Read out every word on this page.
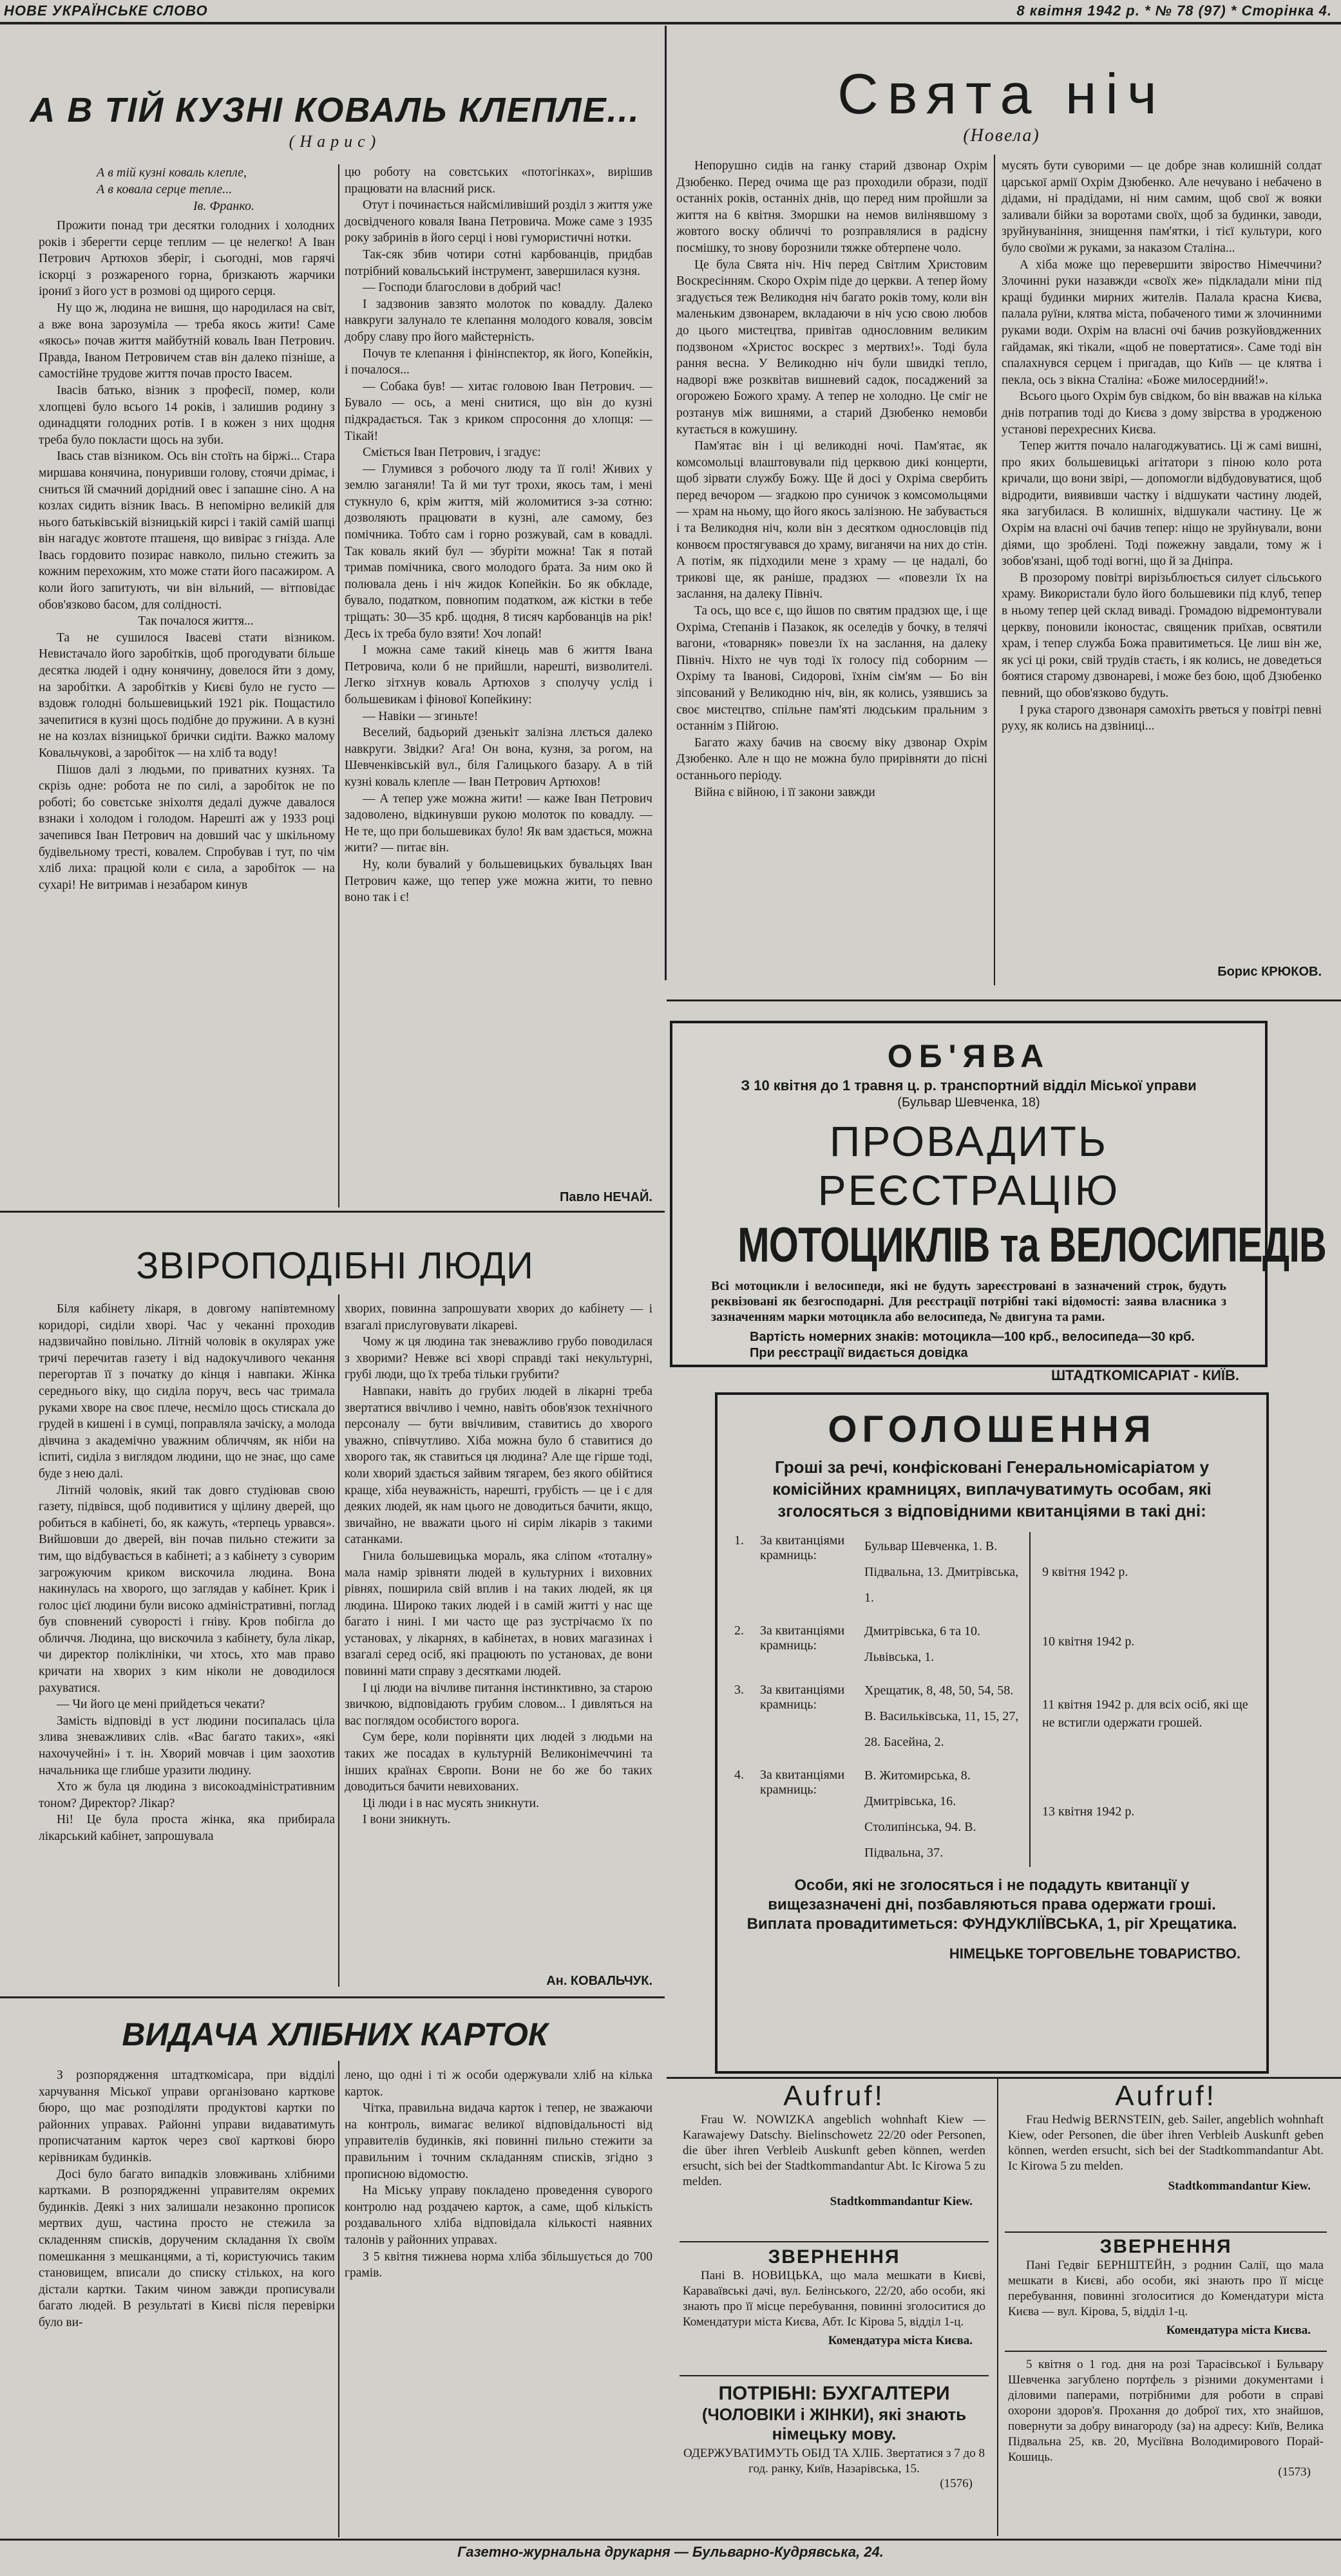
НОВЕ УКРАЇНСЬКЕ СЛОВО	8 квітня 1942 р. * № 78 (97) * Сторінка 4.
А В ТІЙ КУЗНІ КОВАЛЬ КЛЕПЛЕ...
(Нарис)
А в тій кузні коваль клепле,
А в ковала серце тепле...
Ів. Франко.

Прожити понад три десятки голодних і холодних років і зберегти серце теплим — це нелегко! А Іван Петрович Артюхов зберіг, і сьогодні, мов гарячі іскорці з розжареного горна, бризкають жарчики ірониї з його уст в розмові од щирого серця.

Ну що ж, людина не вишня, що народилася на світ, а вже вона зарозуміла — треба якось жити! Саме «якось» почав життя майбутній коваль Іван Петрович. Правда, Іваном Петровичем став він далеко пізніше, а самостійне трудове життя почав просто Івасем.

Івасів батько, візник з професії, помер, коли хлопцеві було всього 14 років, і залишив родину з одинадцяти голодних ротів. І в кожен з них щодня треба було покласти щось на зуби.

Івась став візником. Ось він стоїть на біржі... Стара миршава конячина, понуривши голову, стоячи дрімає, і сниться їй смачний дорідний овес і запашне сіно. А на козлах сидить візник Івась. В непомірно великій для нього батьківській візницькій кирсі і такій самій шапці він нагадує жовтоте пташеня, що вивірає з гнізда. Але Івась гордовито позирає навколо, пильно стежить за кожним перехожим, хто може стати його пасажиром. А коли його запитують, чи він вільний, — вітповідає обов'язково басом, для солідності.

Так почалося життя...

Та не сушилося Івасеві стати візником. Невистачало його заробітків, щоб прогодувати більше десятка людей і одну конячину, довелося йти з дому, на заробітки. А заробітків у Києві було не густо — вздовж голодні большевицький 1921 рік. Пощастило зачепитися в кузні щось подібне до пружини. А в кузні не на козлах візницької брички сидіти. Важко малому Ковальчукові, а заробіток — на хліб та воду!

Пішов далі з людьми, по приватних кузнях. Та скрізь одне: робота не по силі, а заробіток не по роботі; бо совєтське зніхолтя дедалі дужче давалося взнаки і холодом і голодом. Нарешті аж у 1933 році зачепився Іван Петрович на довший час у шкільному будівельному тресті, ковалем. Спробував і тут, по чім хліб лиха: працюй коли є сила, а заробіток — на сухарі! Не витримав і незабаром кинув

цю роботу на совєтських «потогінках», вирішив працювати на власний риск.

Отут і починається найсміливіший розділ з життя уже досвідченого коваля Івана Петровича. Може саме з 1935 року забринів в його серці і нові гумористичні нотки.

Так-сяк збив чотири сотні карбованців, придбав потрібний ковальський інструмент, завершилася кузня.

— Господи благослови в добрий час!

І задзвонив завзято молоток по ковадлу. Далеко навкруги залунало те клепання молодого коваля, зовсім добру славу про його майстерність.

Почув те клепання і фінінспектор, як його, Копейкін, і почалося...

— Собака був! — хитає головою Іван Петрович. — Бувало — ось, а мені снитися, що він до кузні підкрадається. Так з криком спросоння до хлопця: — Тікай!

Сміється Іван Петрович, і згадує:

— Глумився з робочого люду та її голі! Живих у землю заганяли! Та й ми тут трохи, якось там, і мені стукнуло 6, крім життя, мій жоломитися з-за сотню: дозволяють працювати в кузні, але самому, без помічника. Тобто сам і горно розжувай, сам в ковадлі. Так коваль який бул — збуріти можна! Так я потай тримав помічника, свого молодого брата. За ним око й полювала день і ніч жидок Копейкін. Бо як обкладе, бувало, податком, повнопим податком, аж кістки в тебе тріщать: 30—35 крб. щодня, 8 тисяч карбованців на рік! Десь іх треба було взяти! Хоч лопай!

І можна саме такий кінець мав 6 життя Івана Петровича, коли б не прийшли, нарешті, визволителі. Легко зітхнув коваль Артюхов з сполучу услід і большевикам і фінової Копейкину:

— Навіки — згиньте!

Веселий, бадьорий дзенькіт залізна ллється далеко навкруги. Звідки? Ага! Он вона, кузня, за рогом, на Шевченківській вул., біля Галицького базару. А в тій кузні коваль клепле — Іван Петрович Артюхов!

— А тепер уже можна жити! — каже Іван Петрович задоволено, відкинувши рукою молоток по ковадлу. — Не те, що при большевиках було! Як вам здається, можна жити? — питає він.

Ну, коли бувалий у большевицьких бувальцях Іван Петрович каже, що тепер уже можна жити, то певно воно так і є!

Павло НЕЧАЙ.
Свята ніч
(Новела)

Непорушно сидів на ганку старий дзвонар Охрім Дзюбенко. Перед очима ще раз проходили образи, події останніх років, останніх днів, що перед ним пройшли за життя на 6 квітня. Зморшки на немов вилінявшому з жовтого воску обличчі то розправлялися в радісну посмішку, то знову борознили тяжке обтерпене чоло.

Це була Свята ніч. Ніч перед Світлим Христовим Воскресінням. Скоро Охрім піде до церкви. А тепер йому згадується теж Великодня ніч багато років тому, коли він маленьким дзвонарем, вкладаючи в ніч усю свою любов до цього мистецтва, привітав однословним великим подзвоном «Христос воскрес з мертвих!». Тоді була рання весна. У Великодню ніч були швидкі тепло, надворі вже розквітав вишневий садок, посаджений за огорожею Божого храму. А тепер не холодно. Це сміг не розтанув між вишнями, а старий Дзюбенко немовби кутається в кожушину.

Пам'ятає він і ці великодні ночі. Пам'ятає, як комсомольці влаштовували під церквою дикі концерти, щоб зірвати службу Божу. Ще й досі у Охріма свербить перед вечором — згадкою про суничок з комсомольцями — храм на ньому, що його якось залізною. Не забувається і та Великодня ніч, коли він з десятком однословців під конвоєм простягувався до храму, виганячи на них до стін. А потім, як підходили мене з храму — це надалі, бо трикові ще, як раніше, прадзюх — «повезли їх на заслання, на далеку Північ.

Та ось, що все є, що йшов по святим прадзюх ще, і ще Охріма, Степанів і Пазакок, як оселедів у бочку, в телячі вагони, «товарняк» повезли їх на заслання, на далеку Північ. Ніхто не чув тоді їх голосу під соборним — Охріму та Іванові, Сидорові, їхнім сім'ям — Бо він зіпсований у Великодню ніч, він, як колись, узявшись за своє мистецтво, спільне пам'яті людським пральним з останнім з Пійгою.

Багато жаху бачив на своєму віку дзвонар Охрім Дзюбенко. Але н що не можна було прирівняти до пісні останнього періоду.

Війна є війною, і її закони завжди

мусять бути суворими — це добре знав колишній солдат царської армії Охрім Дзюбенко. Але нечувано і небачено в дідами, ні прадідами, ні ним самим, щоб свої ж вояки заливали бійки за воротами своїх, щоб за будинки, заводи, зруйнуваніння, знищення пам'ятки, і тієї культури, кого було своїми ж руками, за наказом Сталіна...

А хіба може що перевершити звіроство Німеччини? Злочинні руки назавжди «своїх же» підкладали міни під кращі будинки мирних жителів. Палала красна Києва, палала руїни, клятва міста, побаченого тими ж злочинними руками води. Охрім на власні очі бачив розкуйовдженних гайдамак, які тікали, «щоб не повертатися». Саме тоді він спалахнувся серцем і пригадав, що Київ — це клятва і пекла, ось з вікна Сталіна: «Боже милосердний!».

Всього цього Охрім був свідком, бо він вважав на кілька днів потрапив тоді до Києва з дому звірства в уродженою установі перехресних Києва.

Тепер життя почало налагоджуватись. Ці ж самі вишні, про яких большевицькі агітатори з піною коло рота кричали, що вони звірі, — допомогли відбудовуватися, щоб відродити, виявивши частку і відшукати частину людей, яка загубилася. В колишніх, відшукали частину. Це ж Охрім на власні очі бачив тепер: ніщо не зруйнували, вони діями, що зроблені. Тоді пожежну завдали, тому ж і зобов'язані, щоб тоді вогні, що й за Дніпра.

В прозорому повітрі вирізьблюється силует сільського храму. Використали було його большевики під клуб, тепер в ньому тепер цей склад виваді. Громадою відремонтували церкву, поновили іконостас, священик приїхав, освятили храм, і тепер служба Божа правитиметься. Це лиш він же, як усі ці роки, свій трудів стаєть, і як колись, не доведеться боятися старому дзвонареві, і може без бою, щоб Дзюбенко певний, що обов'язково будуть.

І рука старого дзвонаря самохіть рветься у повітрі певні руху, як колись на дзвіниці...

Борис КРЮКОВ.
ЗВІРОПОДІБНІ ЛЮДИ

Біля кабінету лікаря, в довгому напівтемному коридорі, сиділи хворі. Час у чеканні проходив надзвичайно повільно. Літній чоловік в окулярах уже тричі перечитав газету і від надокучливого чекання перегортав її з початку до кінця і навпаки. Жінка середнього віку, що сиділа поруч, весь час тримала руками хворе на своє плече, несміло щось стискала до грудей в кишені і в сумці, поправляла зачіску, а молода дівчина з академічно уважним обличчям, як ніби на іспиті, сиділа з виглядом людини, що не знає, що саме буде з нею далі.

Літній чоловік, який так довго студіював свою газету, підвівся, щоб подивитися у щілину дверей, що робиться в кабінеті, бо, як кажуть, «терпець урвався». Вийшовши до дверей, він почав пильно стежити за тим, що відбувається в кабінеті; а з кабінету з суворим загрожуючим криком вискочила людина. Вона накинулась на хворого, що заглядав у кабінет. Крик і голос цієї людини були високо адміністративні, поглад був сповнений суворості і гніву. Кров побігла до обличчя. Людина, що вискочила з кабінету, була лікар, чи директор поліклініки, чи хтось, хто мав право кричати на хворих з ким ніколи не доводилося рахуватися.

— Чи його це мені прийдеться чекати?

Замість відповіді в уст людини посипалась ціла злива зневажливих слів. «Вас багато таких», «які нахочучейні» і т. ін. Хворий мовчав і цим заохотив начальника ще глибше уразити людину.

Хто ж була ця людина з високоадміністративним тоном? Директор? Лікар?

Ні! Це була проста жінка, яка прибирала лікарський кабінет, запрошувала

хворих, повинна запрошувати хворих до кабінету — і взагалі прислуговувати лікареві.

Чому ж ця людина так зневажливо грубо поводилася з хворими? Невже всі хворі справді такі некультурні, грубі люди, що їх треба тільки грубити?

Навпаки, навіть до грубих людей в лікарні треба звертатися ввічливо і чемно, навіть обов'язок технічного персоналу — бути ввічливим, ставитись до хворого уважно, співчутливо. Хіба можна було б ставитися до хворого так, як ставиться ця людина? Але ще гірше тоді, коли хворий здається зайвим тягарем, без якого обійтися краще, хіба неуважність, нарешті, грубість — це і є для деяких людей, як нам цього не доводиться бачити, якщо, звичайно, не вважати цього ні сирім лікарів з такими сатанками.

Гнила большевицька мораль, яка сліпом «тоталну» мала намір зрівняти людей в культурних і виховних рівнях, поширила свій вплив і на таких людей, як ця людина. Широко таких людей і в самій житті у нас ще багато і нині. І ми часто ще раз зустрічаємо їх по установах, у лікарнях, в кабінетах, в нових магазинах і взагалі серед осіб, які працюють по установах, де вони повинні мати справу з десятками людей.

І ці люди на вічливе питання інстинктивно, за старою звичкою, відповідають грубим словом... І дивляться на вас поглядом особистого ворога.

Сум бере, коли порівняти цих людей з людьми на таких же посадах в культурній Великонімеччині та інших країнах Європи. Вони не бо же бо таких доводиться бачити невихованих.

Ці люди і в нас мусять зникнути.

І вони зникнуть.

Ан. КОВАЛЬЧУК.
ВИДАЧА ХЛІБНИХ КАРТОК

З розпорядження штадткомісара, при відділі харчування Міської управи організовано карткове бюро, що має розподіляти продуктові картки по районних управах. Районні управи видаватимуть прописчатаним карток через свої карткові бюро керівникам будинків.

Досі було багато випадків зловживань хлібними картками. В розпорядженні управителям окремих будинків. Деякі з них залишали незаконно прописок мертвих душ, частина просто не стежила за складенням списків, дорученим складання їх своїм помешкання з мешканцями, а ті, користуючись таким становищем, вписали до списку стількох, на кого дістали картки. Таким чином завжди прописували багато людей. В результаті в Києві після перевірки було ви-

лено, що одні і ті ж особи одержували хліб на кілька карток.

Чітка, правильна видача карток і тепер, не зважаючи на контроль, вимагає великої відповідальності від управителів будинків, які повинні пильно стежити за правильним і точним складанням списків, згідно з прописною відомостю.

На Міську управу покладено проведення суворого контролю над роздачею карток, а саме, щоб кількість роздавального хліба відповідала кількості наявних талонів у районних управах.

З 5 квітня тижнева норма хліба збільшується до 700 грамів.

ОБ'ЯВА
З 10 квітня до 1 травня ц. р. транспортний відділ Міської управи
(Бульвар Шевченка, 18)
ПРОВАДИТЬ РЕЄСТРАЦІЮ
МОТОЦИКЛІВ та ВЕЛОСИПЕДІВ
Всі мотоцикли і велосипеди, які не будуть зареєстровані в зазначений строк, будуть реквізовані як безгосподарні. Для реєстрації потрібні такі відомості: заява власника з зазначенням марки мотоцикла або велосипеда, № двигуна та рами.
Вартість номерних знаків: мотоцикла—100 крб., велосипеда—30 крб.
При реєстрації видається довідка
ШТАДТКОМІСАРІАТ - КИЇВ.
ОГОЛОШЕННЯ
Гроші за речі, конфісковані Генеральномісаріатом у комісійних крамницях, виплачуватимуть особам, які зголосяться з відповідними квитанціями в такі дні:
1.	За квитанціями крамниць:	Бульвар Шевченка, 1. В. Підвальна, 13. Дмитрівська, 1.	9 квітня 1942 р.
2.	За квитанціями крамниць:	Дмитрівська, 6 та 10. Львівська, 1.	10 квітня 1942 р.
3.	За квитанціями крамниць:	Хрещатик, 8, 48, 50, 54, 58. В. Васильківська, 11, 15, 27, 28. Басейна, 2.	11 квітня 1942 р. для всіх осіб, які ще не встигли одержати грошей.
4.	За квитанціями крамниць:	В. Житомирська, 8. Дмитрівська, 16. Столипінська, 94. В. Підвальна, 37.	13 квітня 1942 р.
Особи, які не зголосяться і не подадуть квитанції у вищезазначені дні, позбавляються права одержати гроші. Виплата провадитиметься: ФУНДУКЛІЇВСЬКА, 1, ріг Хрещатика.
НІМЕЦЬКЕ ТОРГОВЕЛЬНЕ ТОВАРИСТВО.
Aufruf!
Frau W. NOWIZKA angeblich wohnhaft Kiew — Karawajewy Datschy. Bielinschowetz 22/20 oder Personen, die über ihren Verbleib Auskunft geben können, werden ersucht, sich bei der Stadtkommandantur Abt. Ic Kirowa 5 zu melden.
Stadtkommandantur Kiew.
ЗВЕРНЕННЯ
Пані В. НОВИЦЬКА, що мала мешкати в Києві, Караваївські дачі, вул. Белінського, 22/20, або особи, які знають про її місце перебування, повинні зголоситися до Комендатури міста Києва, Абт. Іс Кірова 5, відділ 1-ц.
Комендатура міста Києва.
ПОТРІБНІ: БУХГАЛТЕРИ
(ЧОЛОВІКИ і ЖІНКИ), які знають німецьку мову.
ОДЕРЖУВАТИМУТЬ ОБІД ТА ХЛІБ. Звертатися з 7 до 8 год. ранку, Київ, Назарівська, 15.
(1576)
Aufruf!
Frau Hedwig BERNSTEIN, geb. Sailer, angeblich wohnhaft Kiew, oder Personen, die über ihren Verbleib Auskunft geben können, werden ersucht, sich bei der Stadtkommandantur Abt. Ic Kirowa 5 zu melden.
Stadtkommandantur Kiew.
ЗВЕРНЕННЯ
Пані Гедвіг БЕРНШТЕЙН, з роднин Салії, що мала мешкати в Києві, або особи, які знають про її місце перебування, повинні зголоситися до Комендатури міста Києва — вул. Кірова, 5, відділ 1-ц.
Комендатура міста Києва.
5 квітня о 1 год. дня на розі Тарасівської і Бульвару Шевченка загублено портфель з різними документами і діловими паперами, потрібними для роботи в справі охорони здоров'я. Прохання до доброї тих, хто знайшов, повернути за добру винагороду (за) на адресу: Київ, Велика Підвальна 25, кв. 20, Мусіївна Володимирового Порай-Кошиць.
(1573)
Газетно-журнальна друкарня — Бульварно-Кудрявська, 24.
